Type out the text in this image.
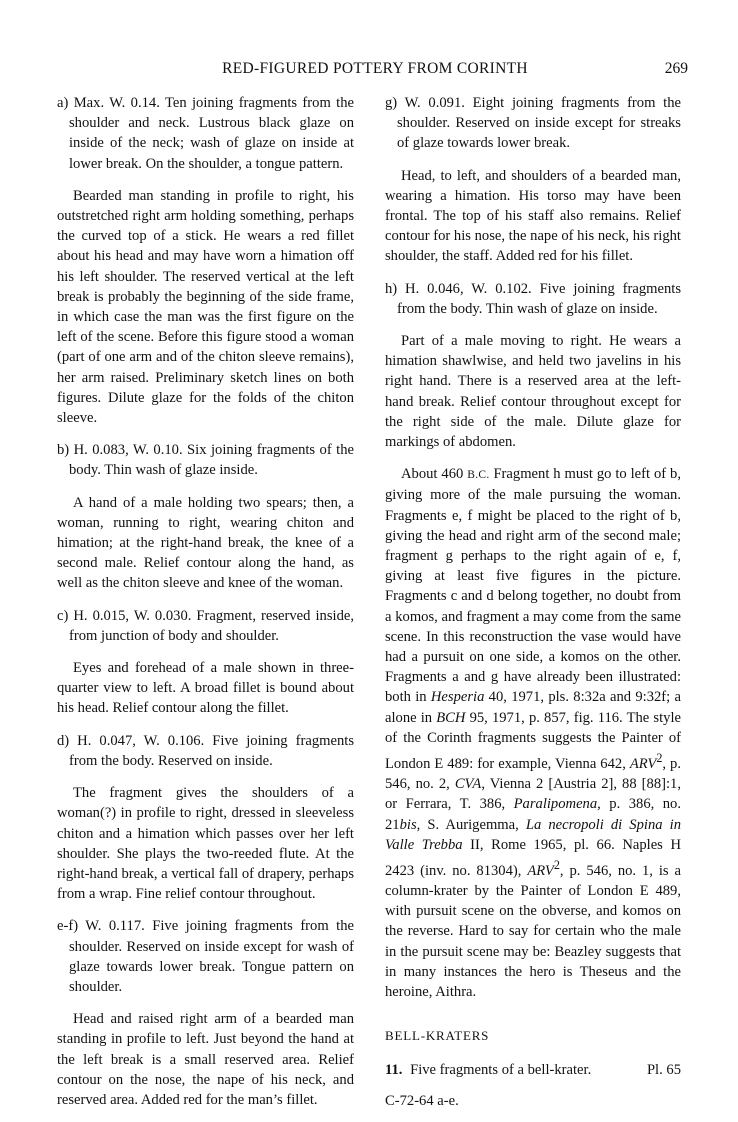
RED-FIGURED POTTERY FROM CORINTH	269

a) Max. W. 0.14. Ten joining fragments from the shoulder and neck. Lustrous black glaze on inside of the neck; wash of glaze on inside at lower break. On the shoulder, a tongue pattern.

Bearded man standing in profile to right, his outstretched right arm holding something, perhaps the curved top of a stick. He wears a red fillet about his head and may have worn a himation off his left shoulder. The reserved vertical at the left break is probably the beginning of the side frame, in which case the man was the first figure on the left of the scene. Before this figure stood a woman (part of one arm and of the chiton sleeve remains), her arm raised. Preliminary sketch lines on both figures. Dilute glaze for the folds of the chiton sleeve.

b) H. 0.083, W. 0.10. Six joining fragments of the body. Thin wash of glaze inside.

A hand of a male holding two spears; then, a woman, running to right, wearing chiton and himation; at the right-hand break, the knee of a second male. Relief contour along the hand, as well as the chiton sleeve and knee of the woman.

c) H. 0.015, W. 0.030. Fragment, reserved inside, from junction of body and shoulder.

Eyes and forehead of a male shown in three-quarter view to left. A broad fillet is bound about his head. Relief contour along the fillet.

d) H. 0.047, W. 0.106. Five joining fragments from the body. Reserved on inside.

The fragment gives the shoulders of a woman(?) in profile to right, dressed in sleeveless chiton and a himation which passes over her left shoulder. She plays the two-reeded flute. At the right-hand break, a vertical fall of drapery, perhaps from a wrap. Fine relief contour throughout.

e-f) W. 0.117. Five joining fragments from the shoulder. Reserved on inside except for wash of glaze towards lower break. Tongue pattern on shoulder.

Head and raised right arm of a bearded man standing in profile to left. Just beyond the hand at the left break is a small reserved area. Relief contour on the nose, the nape of his neck, and reserved area. Added red for the man’s fillet.

g) W. 0.091. Eight joining fragments from the shoulder. Reserved on inside except for streaks of glaze towards lower break.

Head, to left, and shoulders of a bearded man, wearing a himation. His torso may have been frontal. The top of his staff also remains. Relief contour for his nose, the nape of his neck, his right shoulder, the staff. Added red for his fillet.

h) H. 0.046, W. 0.102. Five joining fragments from the body. Thin wash of glaze on inside.

Part of a male moving to right. He wears a himation shawlwise, and held two javelins in his right hand. There is a reserved area at the left-hand break. Relief contour throughout except for the right side of the male. Dilute glaze for markings of abdomen.

About 460 B.C. Fragment h must go to left of b, giving more of the male pursuing the woman. Fragments e, f might be placed to the right of b, giving the head and right arm of the second male; fragment g perhaps to the right again of e, f, giving at least five figures in the picture. Fragments c and d belong together, no doubt from a komos, and fragment a may come from the same scene. In this reconstruction the vase would have had a pursuit on one side, a komos on the other. Fragments a and g have already been illustrated: both in Hesperia 40, 1971, pls. 8:32a and 9:32f; a alone in BCH 95, 1971, p. 857, fig. 116. The style of the Corinth fragments suggests the Painter of London E 489: for example, Vienna 642, ARV$^2$, p. 546, no. 2, CVA, Vienna 2 [Austria 2], 88 [88]:1, or Ferrara, T. 386, Paralipomena, p. 386, no. 21bis, S. Aurigemma, La necropoli di Spina in Valle Trebba II, Rome 1965, pl. 66. Naples H 2423 (inv. no. 81304), ARV$^2$, p. 546, no. 1, is a column-krater by the Painter of London E 489, with pursuit scene on the obverse, and komos on the reverse. Hard to say for certain who the male in the pursuit scene may be: Beazley suggests that in many instances the hero is Theseus and the heroine, Aithra.

BELL-KRATERS
11. Five fragments of a bell-krater.	Pl. 65
C-72-64 a-e.
